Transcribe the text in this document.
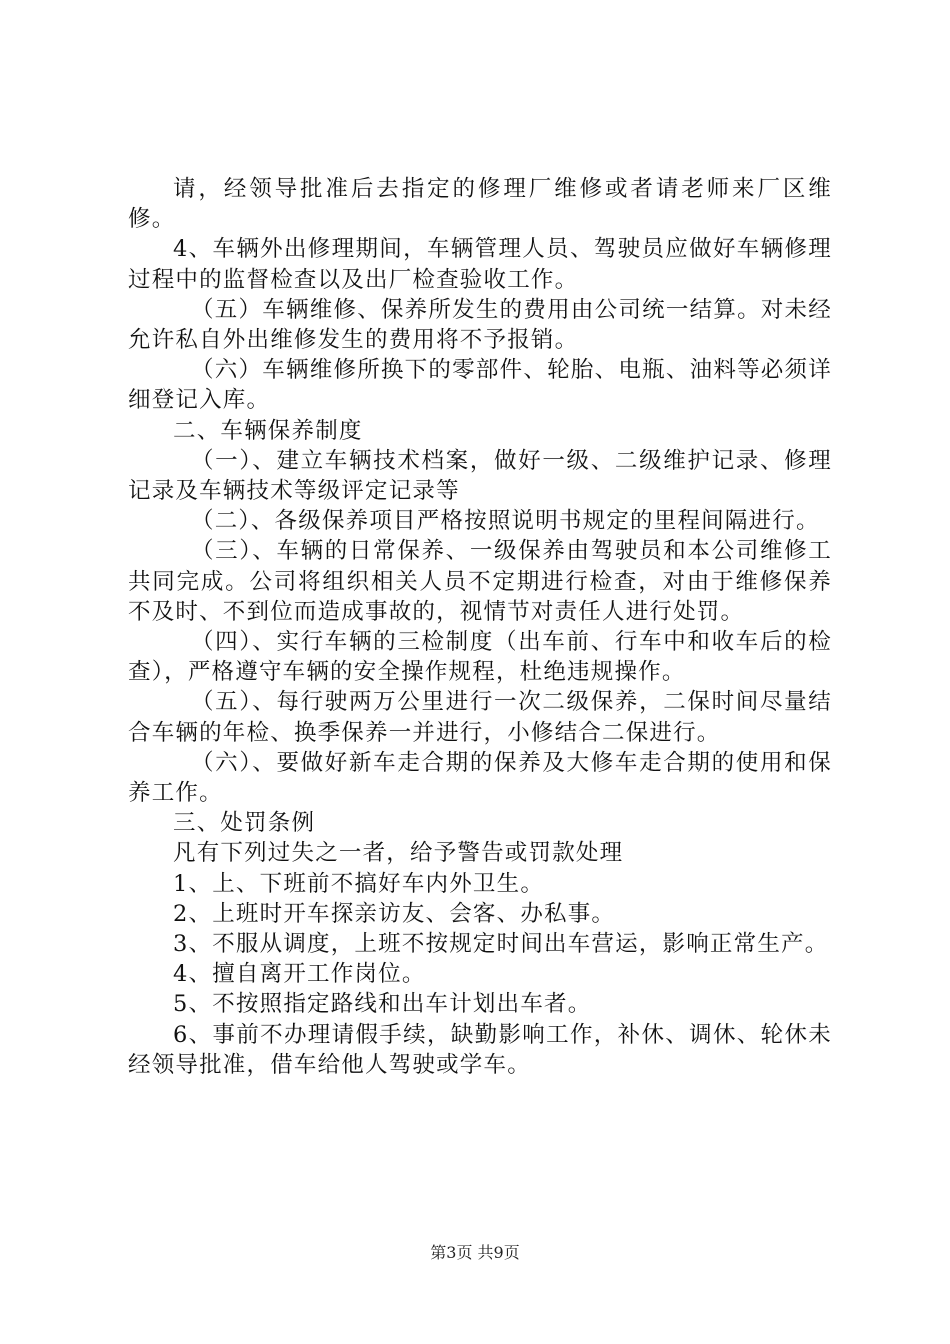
请，经领导批准后去指定的修理厂维修或者请老师来厂区维修。

4、车辆外出修理期间，车辆管理人员、驾驶员应做好车辆修理过程中的监督检查以及出厂检查验收工作。

（五）车辆维修、保养所发生的费用由公司统一结算。对未经允许私自外出维修发生的费用将不予报销。

（六）车辆维修所换下的零部件、轮胎、电瓶、油料等必须详细登记入库。

二、车辆保养制度

（一）、建立车辆技术档案，做好一级、二级维护记录、修理记录及车辆技术等级评定记录等

（二）、各级保养项目严格按照说明书规定的里程间隔进行。

（三）、车辆的日常保养、一级保养由驾驶员和本公司维修工共同完成。公司将组织相关人员不定期进行检查，对由于维修保养不及时、不到位而造成事故的，视情节对责任人进行处罚。

（四）、实行车辆的三检制度（出车前、行车中和收车后的检查），严格遵守车辆的安全操作规程，杜绝违规操作。

（五）、每行驶两万公里进行一次二级保养，二保时间尽量结合车辆的年检、换季保养一并进行，小修结合二保进行。

（六）、要做好新车走合期的保养及大修车走合期的使用和保养工作。

三、处罚条例

凡有下列过失之一者，给予警告或罚款处理

1、上、下班前不搞好车内外卫生。

2、上班时开车探亲访友、会客、办私事。

3、不服从调度，上班不按规定时间出车营运，影响正常生产。

4、擅自离开工作岗位。

5、不按照指定路线和出车计划出车者。

6、事前不办理请假手续，缺勤影响工作，补休、调休、轮休未经领导批准，借车给他人驾驶或学车。

第3页 共9页
